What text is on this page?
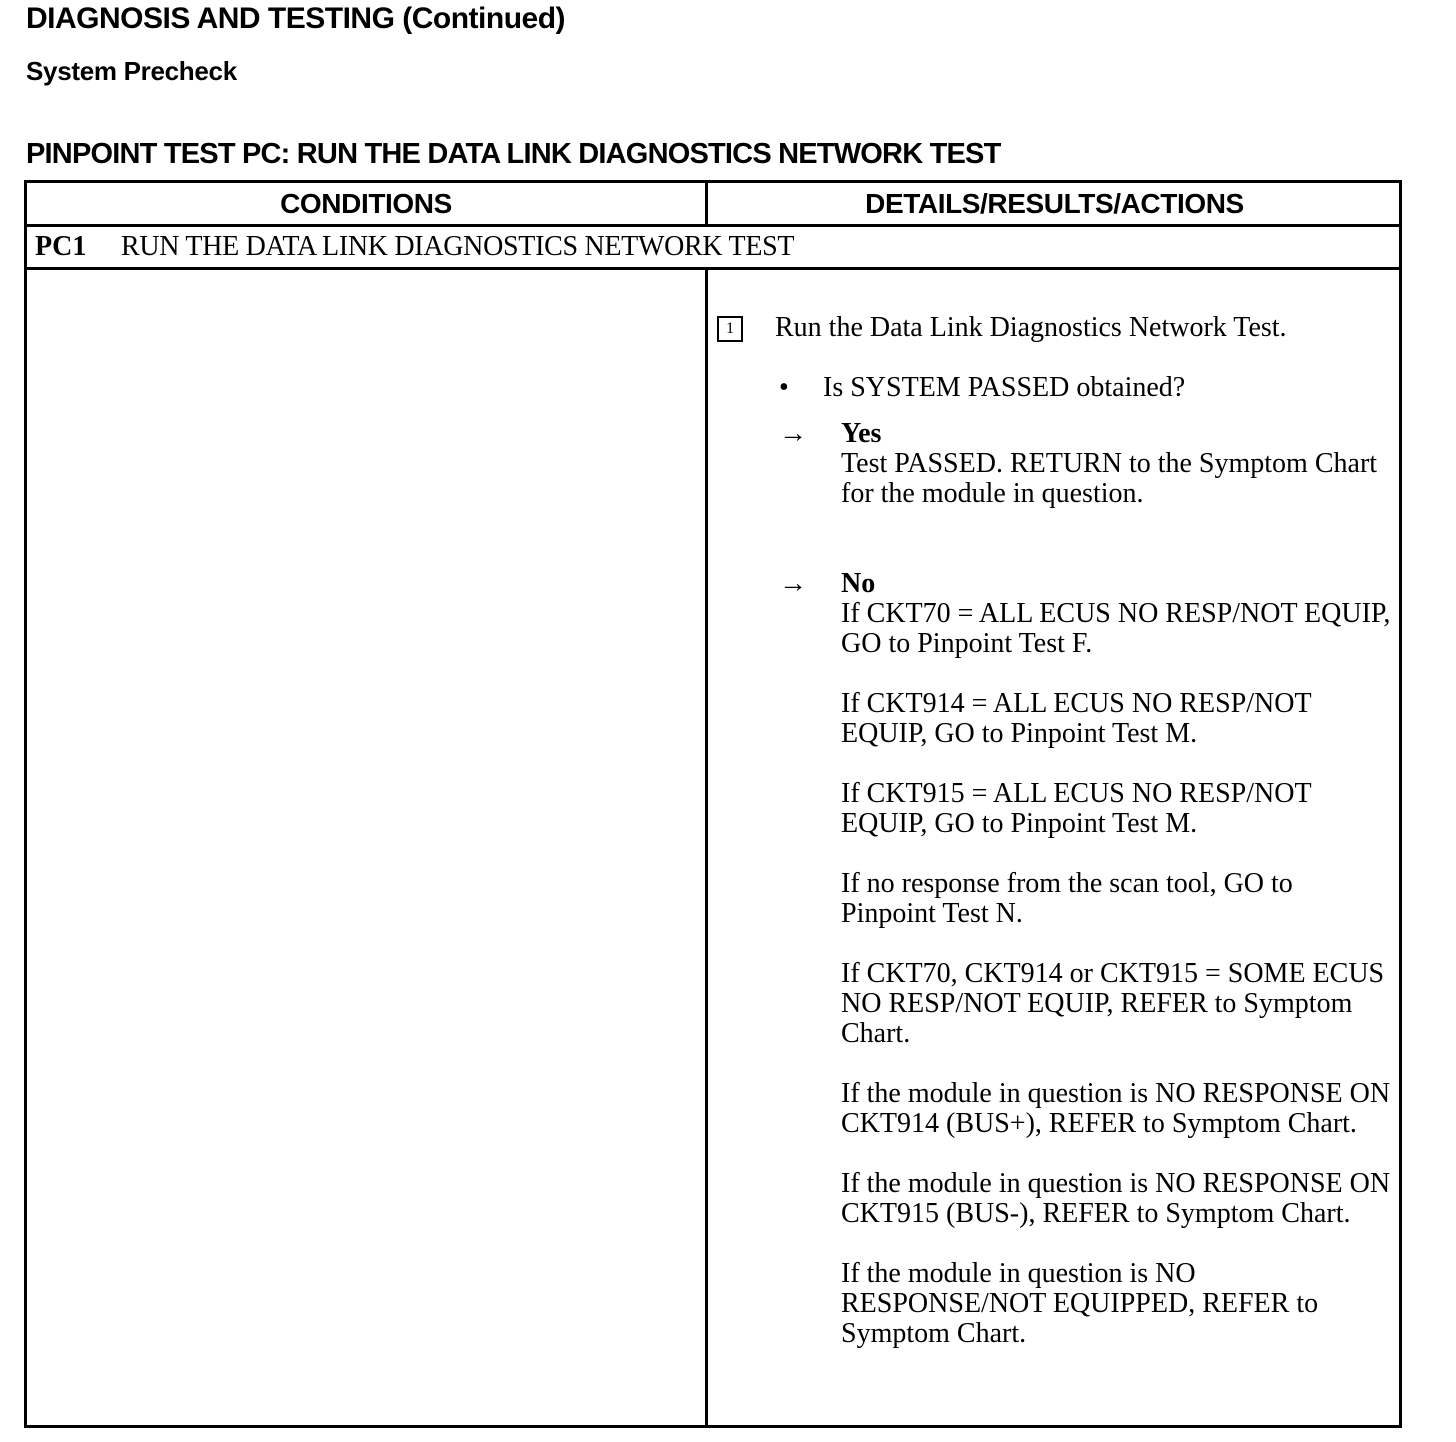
DIAGNOSIS AND TESTING (Continued)
System Precheck
PINPOINT TEST PC: RUN THE DATA LINK DIAGNOSTICS NETWORK TEST
CONDITIONS	DETAILS/RESULTS/ACTIONS
PC1 RUN THE DATA LINK DIAGNOSTICS NETWORK TEST
1	Run the Data Link Diagnostics Network Test.
• Is SYSTEM PASSED obtained?
→ Yes
Test PASSED. RETURN to the Symptom Chart for the module in question.
→ No
If CKT70 = ALL ECUS NO RESP/NOT EQUIP, GO to Pinpoint Test F.
If CKT914 = ALL ECUS NO RESP/NOT EQUIP, GO to Pinpoint Test M.
If CKT915 = ALL ECUS NO RESP/NOT EQUIP, GO to Pinpoint Test M.
If no response from the scan tool, GO to Pinpoint Test N.
If CKT70, CKT914 or CKT915 = SOME ECUS NO RESP/NOT EQUIP, REFER to Symptom Chart.
If the module in question is NO RESPONSE ON CKT914 (BUS+), REFER to Symptom Chart.
If the module in question is NO RESPONSE ON CKT915 (BUS-), REFER to Symptom Chart.
If the module in question is NO RESPONSE/NOT EQUIPPED, REFER to Symptom Chart.
